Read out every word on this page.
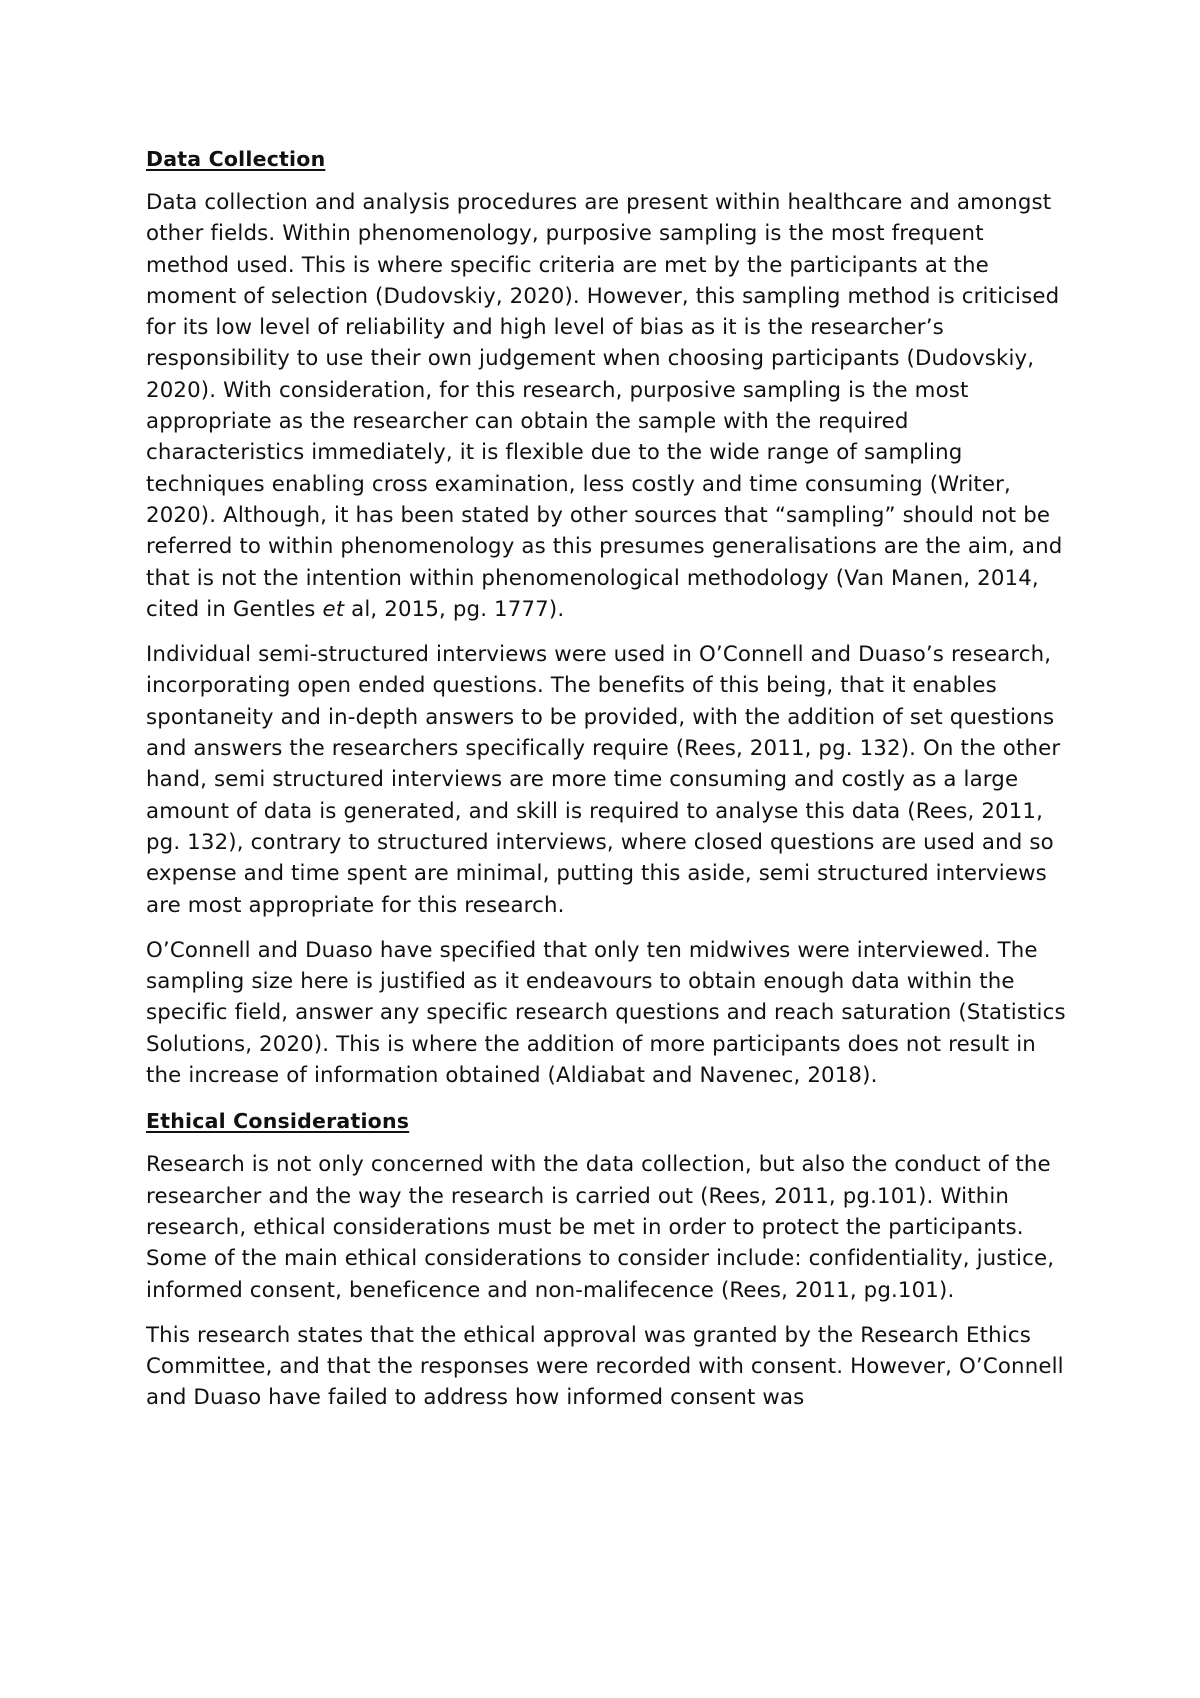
Data Collection

Data collection and analysis procedures are present within healthcare and amongst other fields. Within phenomenology, purposive sampling is the most frequent method used. This is where specific criteria are met by the participants at the moment of selection (Dudovskiy, 2020). However, this sampling method is criticised for its low level of reliability and high level of bias as it is the researcher’s responsibility to use their own judgement when choosing participants (Dudovskiy, 2020). With consideration, for this research, purposive sampling is the most appropriate as the researcher can obtain the sample with the required characteristics immediately, it is flexible due to the wide range of sampling techniques enabling cross examination, less costly and time consuming (Writer, 2020). Although, it has been stated by other sources that “sampling” should not be referred to within phenomenology as this presumes generalisations are the aim, and that is not the intention within phenomenological methodology (Van Manen, 2014, cited in Gentles et al, 2015, pg. 1777).

Individual semi-structured interviews were used in O’Connell and Duaso’s research, incorporating open ended questions. The benefits of this being, that it enables spontaneity and in-depth answers to be provided, with the addition of set questions and answers the researchers specifically require (Rees, 2011, pg. 132). On the other hand, semi structured interviews are more time consuming and costly as a large amount of data is generated, and skill is required to analyse this data (Rees, 2011, pg. 132), contrary to structured interviews, where closed questions are used and so expense and time spent are minimal, putting this aside, semi structured interviews are most appropriate for this research.

O’Connell and Duaso have specified that only ten midwives were interviewed. The sampling size here is justified as it endeavours to obtain enough data within the specific field, answer any specific research questions and reach saturation (Statistics Solutions, 2020). This is where the addition of more participants does not result in the increase of information obtained (Aldiabat and Navenec, 2018).

Ethical Considerations

Research is not only concerned with the data collection, but also the conduct of the researcher and the way the research is carried out (Rees, 2011, pg.101). Within research, ethical considerations must be met in order to protect the participants. Some of the main ethical considerations to consider include: confidentiality, justice, informed consent, beneficence and non-malifecence (Rees, 2011, pg.101).

This research states that the ethical approval was granted by the Research Ethics Committee, and that the responses were recorded with consent. However, O’Connell and Duaso have failed to address how informed consent was
